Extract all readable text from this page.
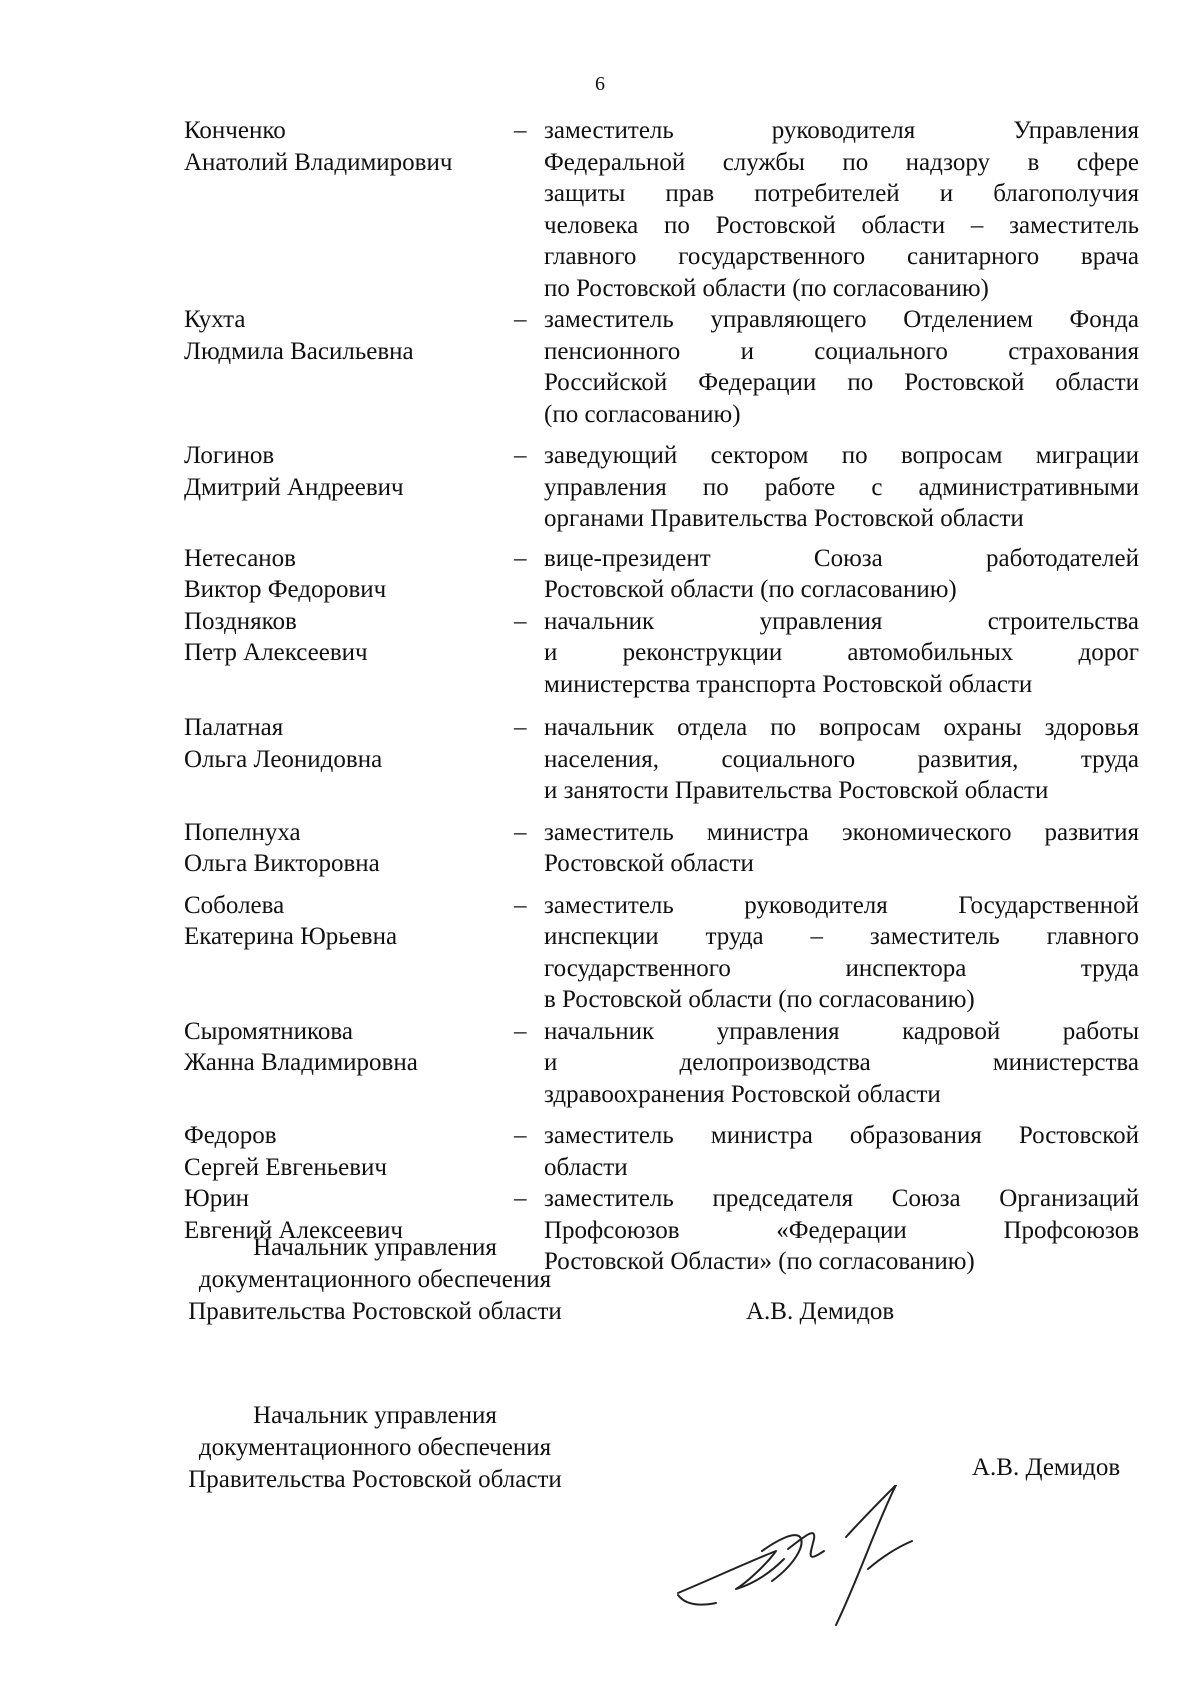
6
Конченко
Анатолий Владимирович
– заместитель руководителя Управления
Федеральной службы по надзору в сфере
защиты прав потребителей и благополучия
человека по Ростовской области – заместитель
главного государственного санитарного врача
по Ростовской области (по согласованию)
Кухта
Людмила Васильевна
– заместитель управляющего Отделением Фонда
пенсионного и социального страхования
Российской Федерации по Ростовской области
(по согласованию)
Логинов
Дмитрий Андреевич
– заведующий сектором по вопросам миграции
управления по работе с административными
органами Правительства Ростовской области
Нетесанов
Виктор Федорович
– вице-президент Союза работодателей
Ростовской области (по согласованию)
Поздняков
Петр Алексеевич
– начальник управления строительства
и реконструкции автомобильных дорог
министерства транспорта Ростовской области
Палатная
Ольга Леонидовна
– начальник отдела по вопросам охраны здоровья
населения, социального развития, труда
и занятости Правительства Ростовской области
Попелнуха
Ольга Викторовна
– заместитель министра экономического развития
Ростовской области
Соболева
Екатерина Юрьевна
– заместитель руководителя Государственной
инспекции труда – заместитель главного
государственного инспектора труда
в Ростовской области (по согласованию)
Сыромятникова
Жанна Владимировна
– начальник управления кадровой работы
и делопроизводства министерства
здравоохранения Ростовской области
Федоров
Сергей Евгеньевич
– заместитель министра образования Ростовской
области
Юрин
Евгений Алексеевич
– заместитель председателя Союза Организаций
Профсоюзов «Федерации Профсоюзов
Ростовской Области» (по согласованию)
Начальник управления
документационного обеспечения
Правительства Ростовской области	А.В. Демидов
Начальник управления
документационного обеспечения
Правительства Ростовской области	А.В. Демидов
